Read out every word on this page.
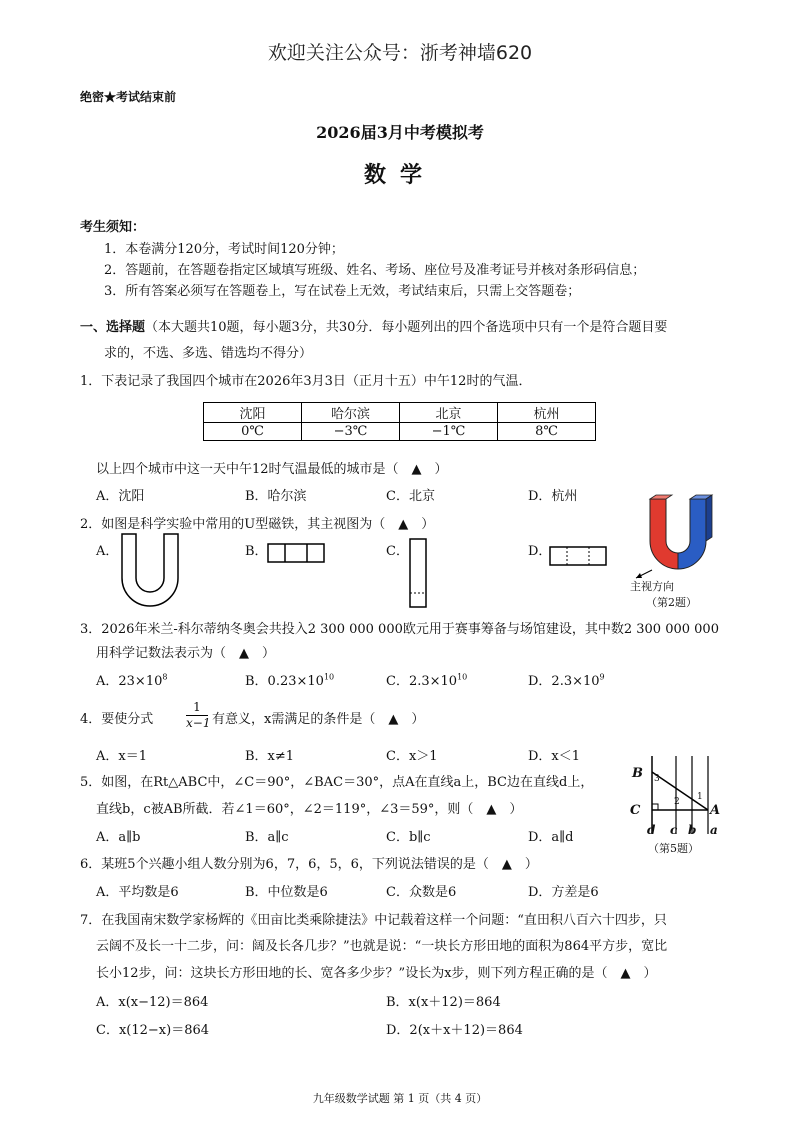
欢迎关注公众号：浙考神墙620
绝密★考试结束前
2026届3月中考模拟考
数学
考生须知：
1．本卷满分120分，考试时间120分钟；
2．答题前，在答题卷指定区域填写班级、姓名、考场、座位号及准考证号并核对条形码信息；
3．所有答案必须写在答题卷上，写在试卷上无效，考试结束后，只需上交答题卷；
一、选择题（本大题共10题，每小题3分，共30分．每小题列出的四个备选项中只有一个是符合题目要
求的，不选、多选、错选均不得分）
1．下表记录了我国四个城市在2026年3月3日（正月十五）中午12时的气温．
沈阳	哈尔滨	北京	杭州
0℃	−3℃	−1℃	8℃
以上四个城市中这一天中午12时气温最低的城市是（　▲　）
A．沈阳	B．哈尔滨	C．北京	D．杭州
2．如图是科学实验中常用的U型磁铁，其主视图为（　▲　）
A．	B．	C．	D．
主视方向
（第2题）
3．2026年米兰-科尔蒂纳冬奥会共投入2 300 000 000欧元用于赛事筹备与场馆建设，其中数2 300 000 000
用科学记数法表示为（　▲　）
A．$23\times 10^8$	B．$0.23\times 10^{10}$	C．$2.3\times 10^{10}$	D．$2.3\times 10^9$
4．要使分式	$\frac{1}{x-1}$ 有意义，x需满足的条件是（　▲　）
A．x＝1	B．x≠1	C．x＞1	D．x＜1
5．如图，在Rt△ABC中，∠C＝90°，∠BAC＝30°，点A在直线a上，BC边在直线d上，
直线b，c被AB所截．若∠1＝60°，∠2＝119°，∠3＝59°，则（　▲　）
A．a∥b	B．a∥c	C．b∥c	D．a∥d
B
C	A
3
2 1
d c b a
（第5题）
6．某班5个兴趣小组人数分别为6，7，6，5，6，下列说法错误的是（　▲　）
A．平均数是6	B．中位数是6	C．众数是6	D．方差是6
7．在我国南宋数学家杨辉的《田亩比类乘除捷法》中记载着这样一个问题：“直田积八百六十四步，只
云阔不及长一十二步，问：阔及长各几步？”也就是说：“一块长方形田地的面积为864平方步，宽比
长小12步，问：这块长方形田地的长、宽各多少步？”设长为x步，则下列方程正确的是（　▲　）
A．x(x−12)＝864	B．x(x＋12)＝864
C．x(12−x)＝864	D．2(x＋x＋12)＝864
九年级数学试题 第 1 页（共 4 页）
